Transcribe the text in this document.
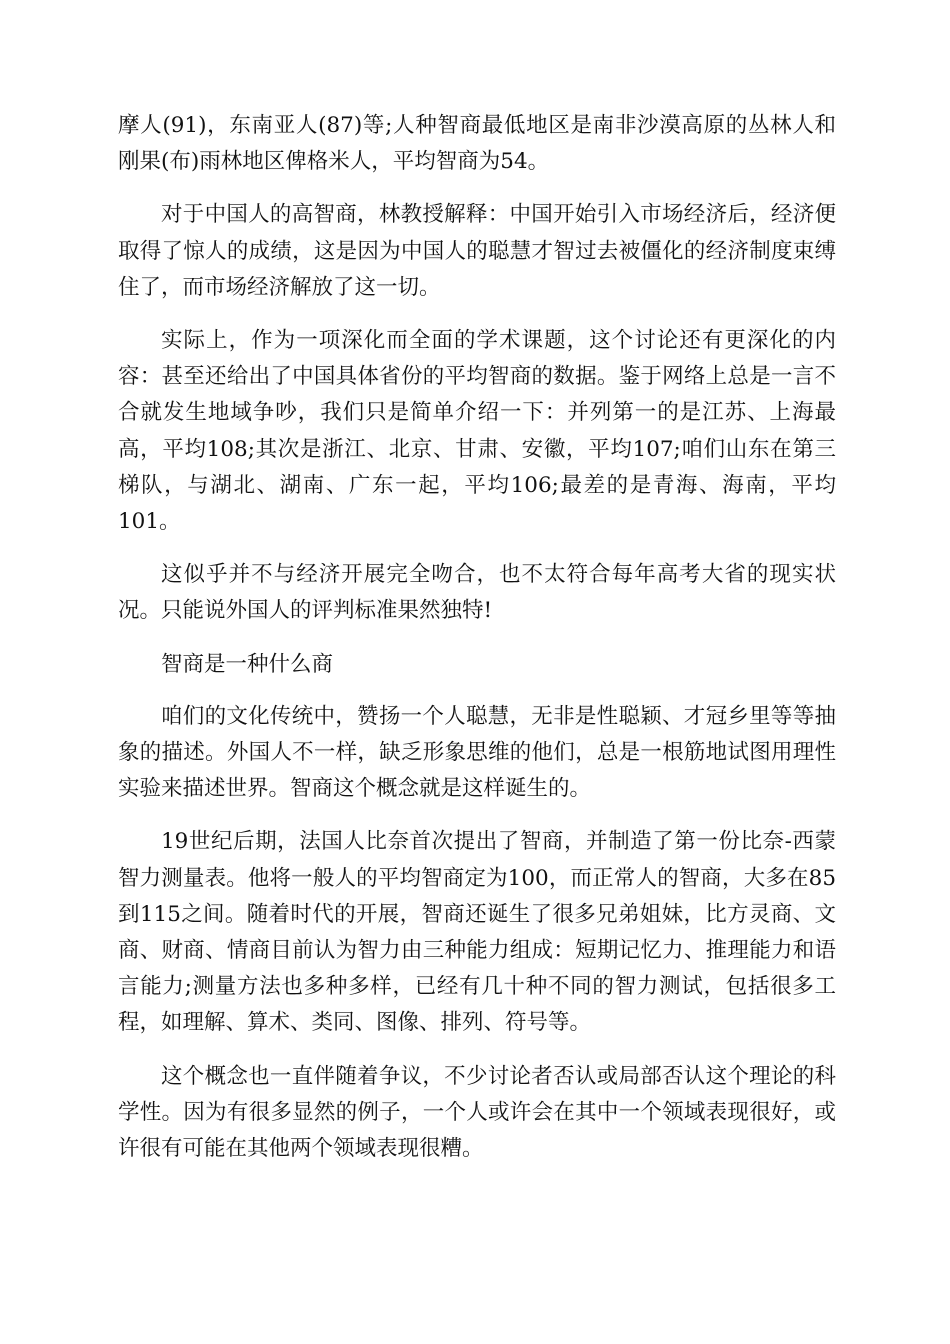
摩人(91)，东南亚人(87)等;人种智商最低地区是南非沙漠高原的丛林人和刚果(布)雨林地区俾格米人，平均智商为54。

对于中国人的高智商，林教授解释：中国开始引入市场经济后，经济便取得了惊人的成绩，这是因为中国人的聪慧才智过去被僵化的经济制度束缚住了，而市场经济解放了这一切。

实际上，作为一项深化而全面的学术课题，这个讨论还有更深化的内容：甚至还给出了中国具体省份的平均智商的数据。鉴于网络上总是一言不合就发生地域争吵，我们只是简单介绍一下：并列第一的是江苏、上海最高，平均108;其次是浙江、北京、甘肃、安徽，平均107;咱们山东在第三梯队，与湖北、湖南、广东一起，平均106;最差的是青海、海南，平均101。

这似乎并不与经济开展完全吻合，也不太符合每年高考大省的现实状况。只能说外国人的评判标准果然独特!

智商是一种什么商

咱们的文化传统中，赞扬一个人聪慧，无非是性聪颖、才冠乡里等等抽象的描述。外国人不一样，缺乏形象思维的他们，总是一根筋地试图用理性实验来描述世界。智商这个概念就是这样诞生的。

19世纪后期，法国人比奈首次提出了智商，并制造了第一份比奈-西蒙智力测量表。他将一般人的平均智商定为100，而正常人的智商，大多在85到115之间。随着时代的开展，智商还诞生了很多兄弟姐妹，比方灵商、文商、财商、情商目前认为智力由三种能力组成：短期记忆力、推理能力和语言能力;测量方法也多种多样，已经有几十种不同的智力测试，包括很多工程，如理解、算术、类同、图像、排列、符号等。

这个概念也一直伴随着争议，不少讨论者否认或局部否认这个理论的科学性。因为有很多显然的例子，一个人或许会在其中一个领域表现很好，或许很有可能在其他两个领域表现很糟。
